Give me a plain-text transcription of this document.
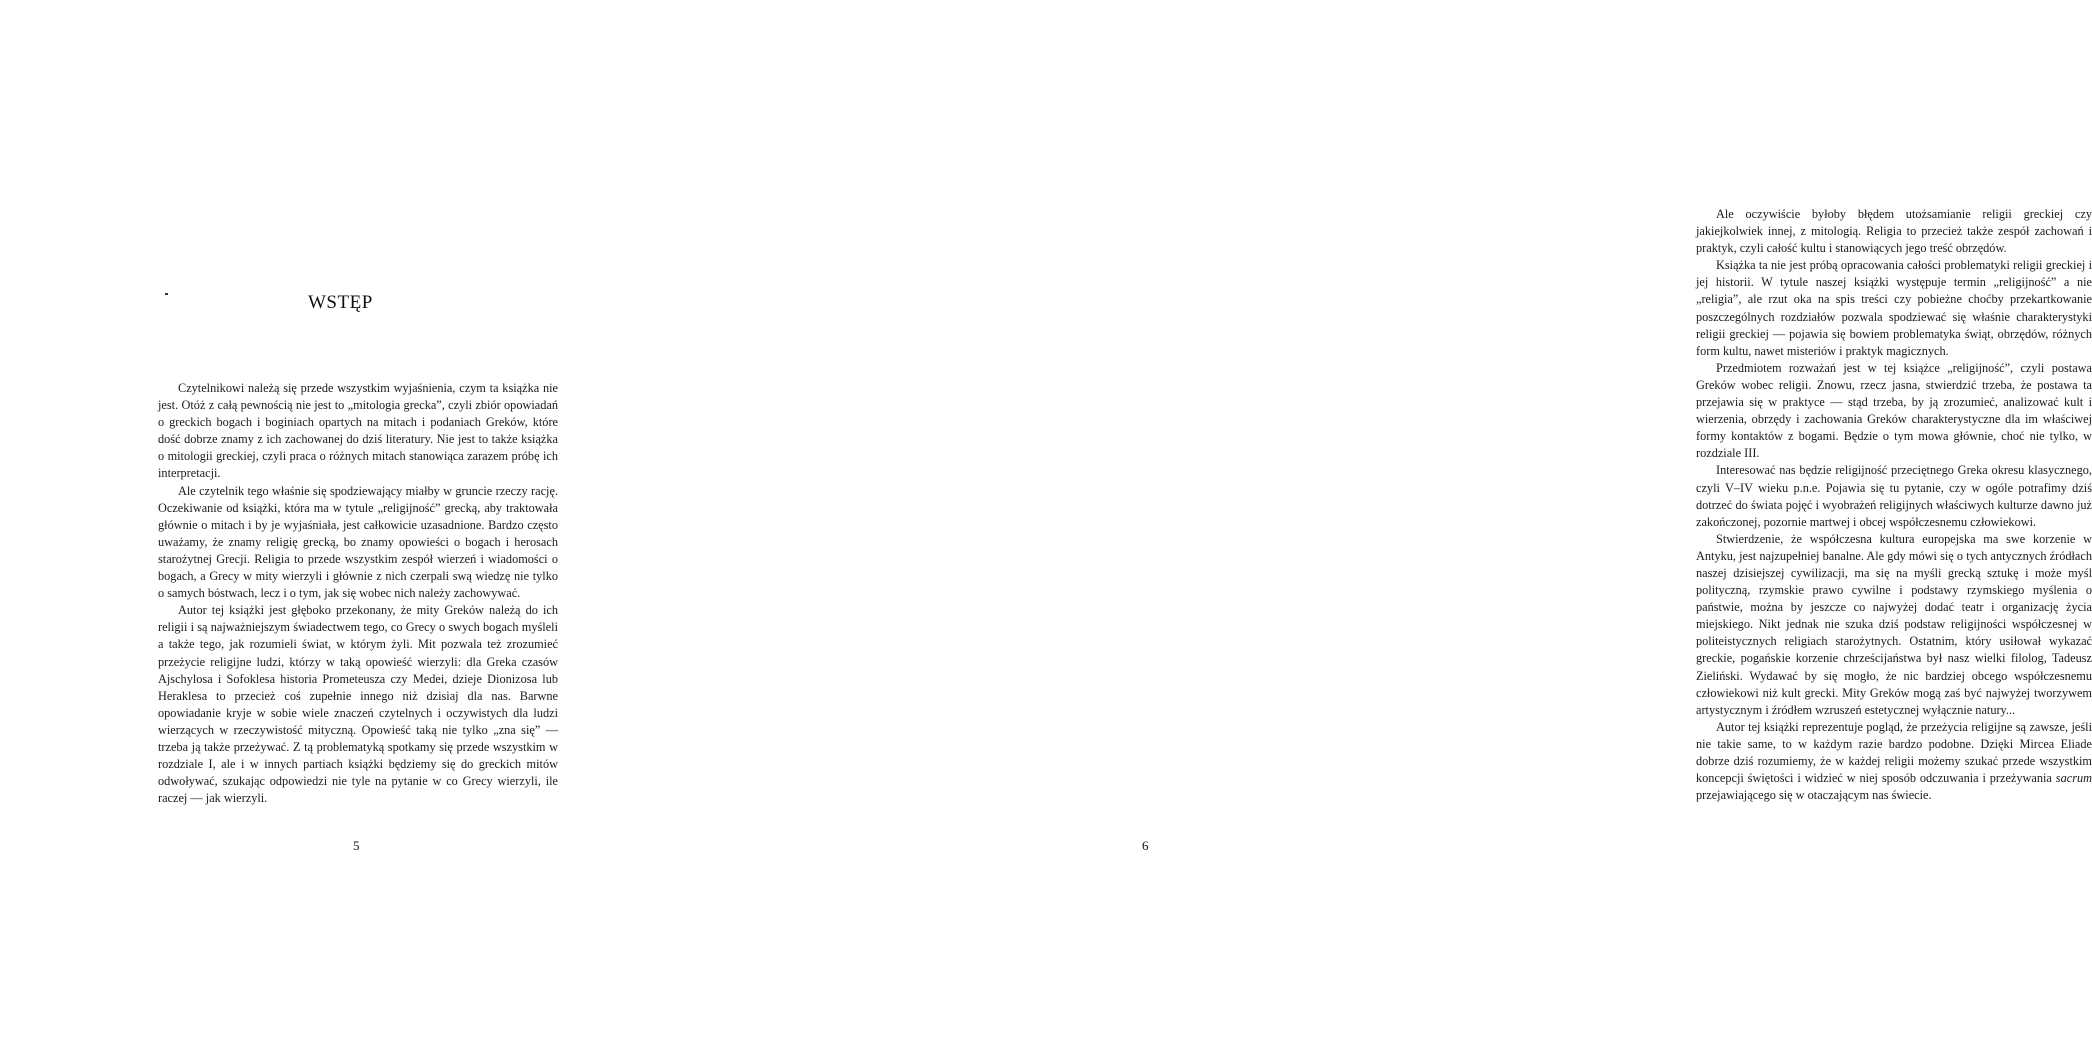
WSTĘP

Czytelnikowi należą się przede wszystkim wyjaśnienia, czym ta książka nie jest. Otóż z całą pewnością nie jest to „mitologia grecka”, czyli zbiór opowiadań o greckich bogach i boginiach opartych na mitach i podaniach Greków, które dość dobrze znamy z ich zachowanej do dziś literatury. Nie jest to także książka o mitologii greckiej, czyli praca o różnych mitach stanowiąca zarazem próbę ich interpretacji.

Ale czytelnik tego właśnie się spodziewający miałby w gruncie rzeczy rację. Oczekiwanie od książki, która ma w tytule „religijność” grecką, aby traktowała głównie o mitach i by je wyjaśniała, jest całkowicie uzasadnione. Bardzo często uważamy, że znamy religię grecką, bo znamy opowieści o bogach i herosach starożytnej Grecji. Religia to przede wszystkim zespół wierzeń i wiadomości o bogach, a Grecy w mity wierzyli i głównie z nich czerpali swą wiedzę nie tylko o samych bóstwach, lecz i o tym, jak się wobec nich należy zachowywać.

Autor tej książki jest głęboko przekonany, że mity Greków należą do ich religii i są najważniejszym świadectwem tego, co Grecy o swych bogach myśleli a także tego, jak rozumieli świat, w którym żyli. Mit pozwala też zrozumieć przeżycie religijne ludzi, którzy w taką opowieść wierzyli: dla Greka czasów Ajschylosa i Sofoklesa historia Prometeusza czy Medei, dzieje Dionizosa lub Heraklesa to przecież coś zupełnie innego niż dzisiaj dla nas. Barwne opowiadanie kryje w sobie wiele znaczeń czytelnych i oczywistych dla ludzi wierzących w rzeczywistość mityczną. Opowieść taką nie tylko „zna się” — trzeba ją także przeżywać. Z tą problematyką spotkamy się przede wszystkim w rozdziale I, ale i w innych partiach książki będziemy się do greckich mitów odwoływać, szukając odpowiedzi nie tyle na pytanie w co Grecy wierzyli, ile raczej — jak wierzyli.

5

Ale oczywiście byłoby błędem utożsamianie religii greckiej czy jakiejkolwiek innej, z mitologią. Religia to przecież także zespół zachowań i praktyk, czyli całość kultu i stanowiących jego treść obrzędów.

Książka ta nie jest próbą opracowania całości problematyki religii greckiej i jej historii. W tytule naszej książki występuje termin „religijność” a nie „religia”, ale rzut oka na spis treści czy pobieżne choćby przekartkowanie poszczególnych rozdziałów pozwala spodziewać się właśnie charakterystyki religii greckiej — pojawia się bowiem problematyka świąt, obrzędów, różnych form kultu, nawet misteriów i praktyk magicznych.

Przedmiotem rozważań jest w tej książce „religijność”, czyli postawa Greków wobec religii. Znowu, rzecz jasna, stwierdzić trzeba, że postawa ta przejawia się w praktyce — stąd trzeba, by ją zrozumieć, analizować kult i wierzenia, obrzędy i zachowania Greków charakterystyczne dla im właściwej formy kontaktów z bogami. Będzie o tym mowa głównie, choć nie tylko, w rozdziale III.

Interesować nas będzie religijność przeciętnego Greka okresu klasycznego, czyli V–IV wieku p.n.e. Pojawia się tu pytanie, czy w ogóle potrafimy dziś dotrzeć do świata pojęć i wyobrażeń religijnych właściwych kulturze dawno już zakończonej, pozornie martwej i obcej współczesnemu człowiekowi.

Stwierdzenie, że współczesna kultura europejska ma swe korzenie w Antyku, jest najzupełniej banalne. Ale gdy mówi się o tych antycznych źródłach naszej dzisiejszej cywilizacji, ma się na myśli grecką sztukę i może myśl polityczną, rzymskie prawo cywilne i podstawy rzymskiego myślenia o państwie, można by jeszcze co najwyżej dodać teatr i organizację życia miejskiego. Nikt jednak nie szuka dziś podstaw religijności współczesnej w politeistycznych religiach starożytnych. Ostatnim, który usiłował wykazać greckie, pogańskie korzenie chrześcijaństwa był nasz wielki filolog, Tadeusz Zieliński. Wydawać by się mogło, że nic bardziej obcego współczesnemu człowiekowi niż kult grecki. Mity Greków mogą zaś być najwyżej tworzywem artystycznym i źródłem wzruszeń estetycznej wyłącznie natury...

Autor tej książki reprezentuje pogląd, że przeżycia religijne są zawsze, jeśli nie takie same, to w każdym razie bardzo podobne. Dzięki Mircea Eliade dobrze dziś rozumiemy, że w każdej religii możemy szukać przede wszystkim koncepcji świętości i widzieć w niej sposób odczuwania i przeżywania sacrum przejawiającego się w otaczającym nas świecie.

6
